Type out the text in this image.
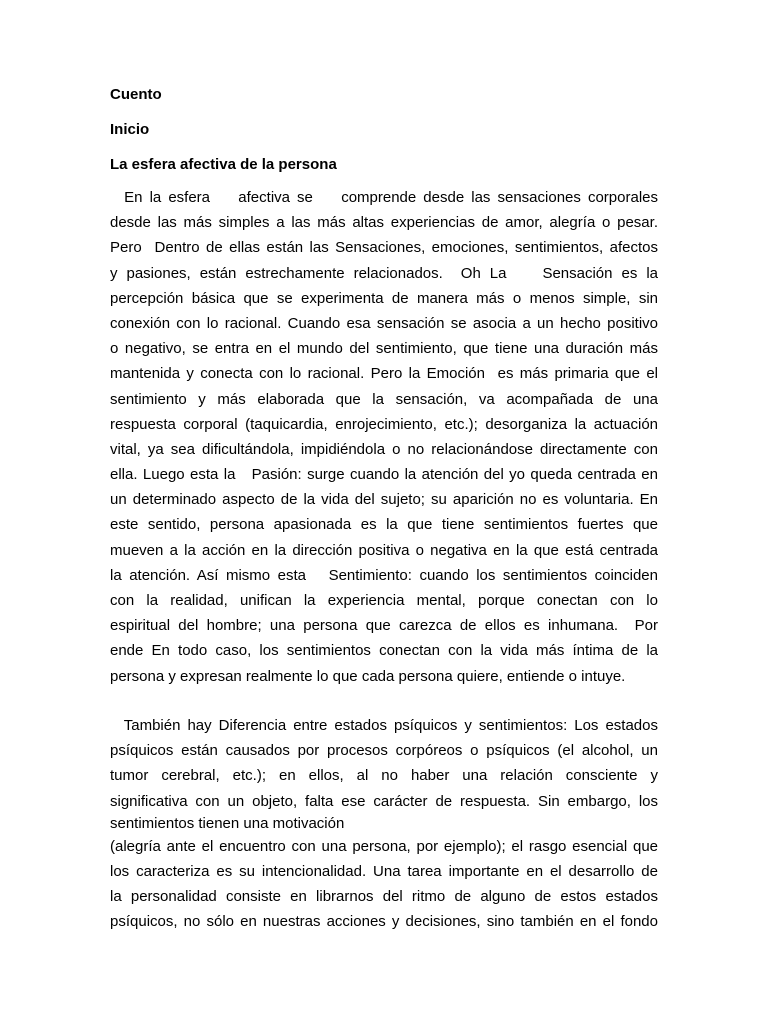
Cuento
Inicio
La esfera afectiva de la persona
En la esfera    afectiva se    comprende desde las sensaciones corporales
desde las más simples a las más altas experiencias de amor, alegría o pesar.
Pero  Dentro de ellas están las Sensaciones, emociones, sentimientos, afectos
y pasiones, están estrechamente relacionados.  Oh La    Sensación es la
percepción básica que se experimenta de manera más o menos simple, sin
conexión con lo racional. Cuando esa sensación se asocia a un hecho positivo
o negativo, se entra en el mundo del sentimiento, que tiene una duración más
mantenida y conecta con lo racional. Pero la Emoción  es más primaria que el
sentimiento y más elaborada que la sensación, va acompañada de una
respuesta corporal (taquicardia, enrojecimiento, etc.); desorganiza la actuación
vital, ya sea dificultándola, impidiéndola o no relacionándose directamente con
ella. Luego esta la   Pasión: surge cuando la atención del yo queda centrada en
un determinado aspecto de la vida del sujeto; su aparición no es voluntaria. En
este sentido, persona apasionada es la que tiene sentimientos fuertes que
mueven a la acción en la dirección positiva o negativa en la que está centrada
la atención. Así mismo esta   Sentimiento: cuando los sentimientos coinciden
con la realidad, unifican la experiencia mental, porque conectan con lo
espiritual del hombre; una persona que carezca de ellos es inhumana.  Por
ende En todo caso, los sentimientos conectan con la vida más íntima de la
persona y expresan realmente lo que cada persona quiere, entiende o intuye.
También hay Diferencia entre estados psíquicos y sentimientos: Los estados
psíquicos están causados por procesos corpóreos o psíquicos (el alcohol, un
tumor cerebral, etc.); en ellos, al no haber una relación consciente y
significativa con un objeto, falta ese carácter de respuesta. Sin embargo, los
sentimientos tienen una motivación
(alegría ante el encuentro con una persona, por ejemplo); el rasgo esencial que
los caracteriza es su intencionalidad. Una tarea importante en el desarrollo de
la personalidad consiste en librarnos del ritmo de alguno de estos estados
psíquicos, no sólo en nuestras acciones y decisiones, sino también en el fondo
